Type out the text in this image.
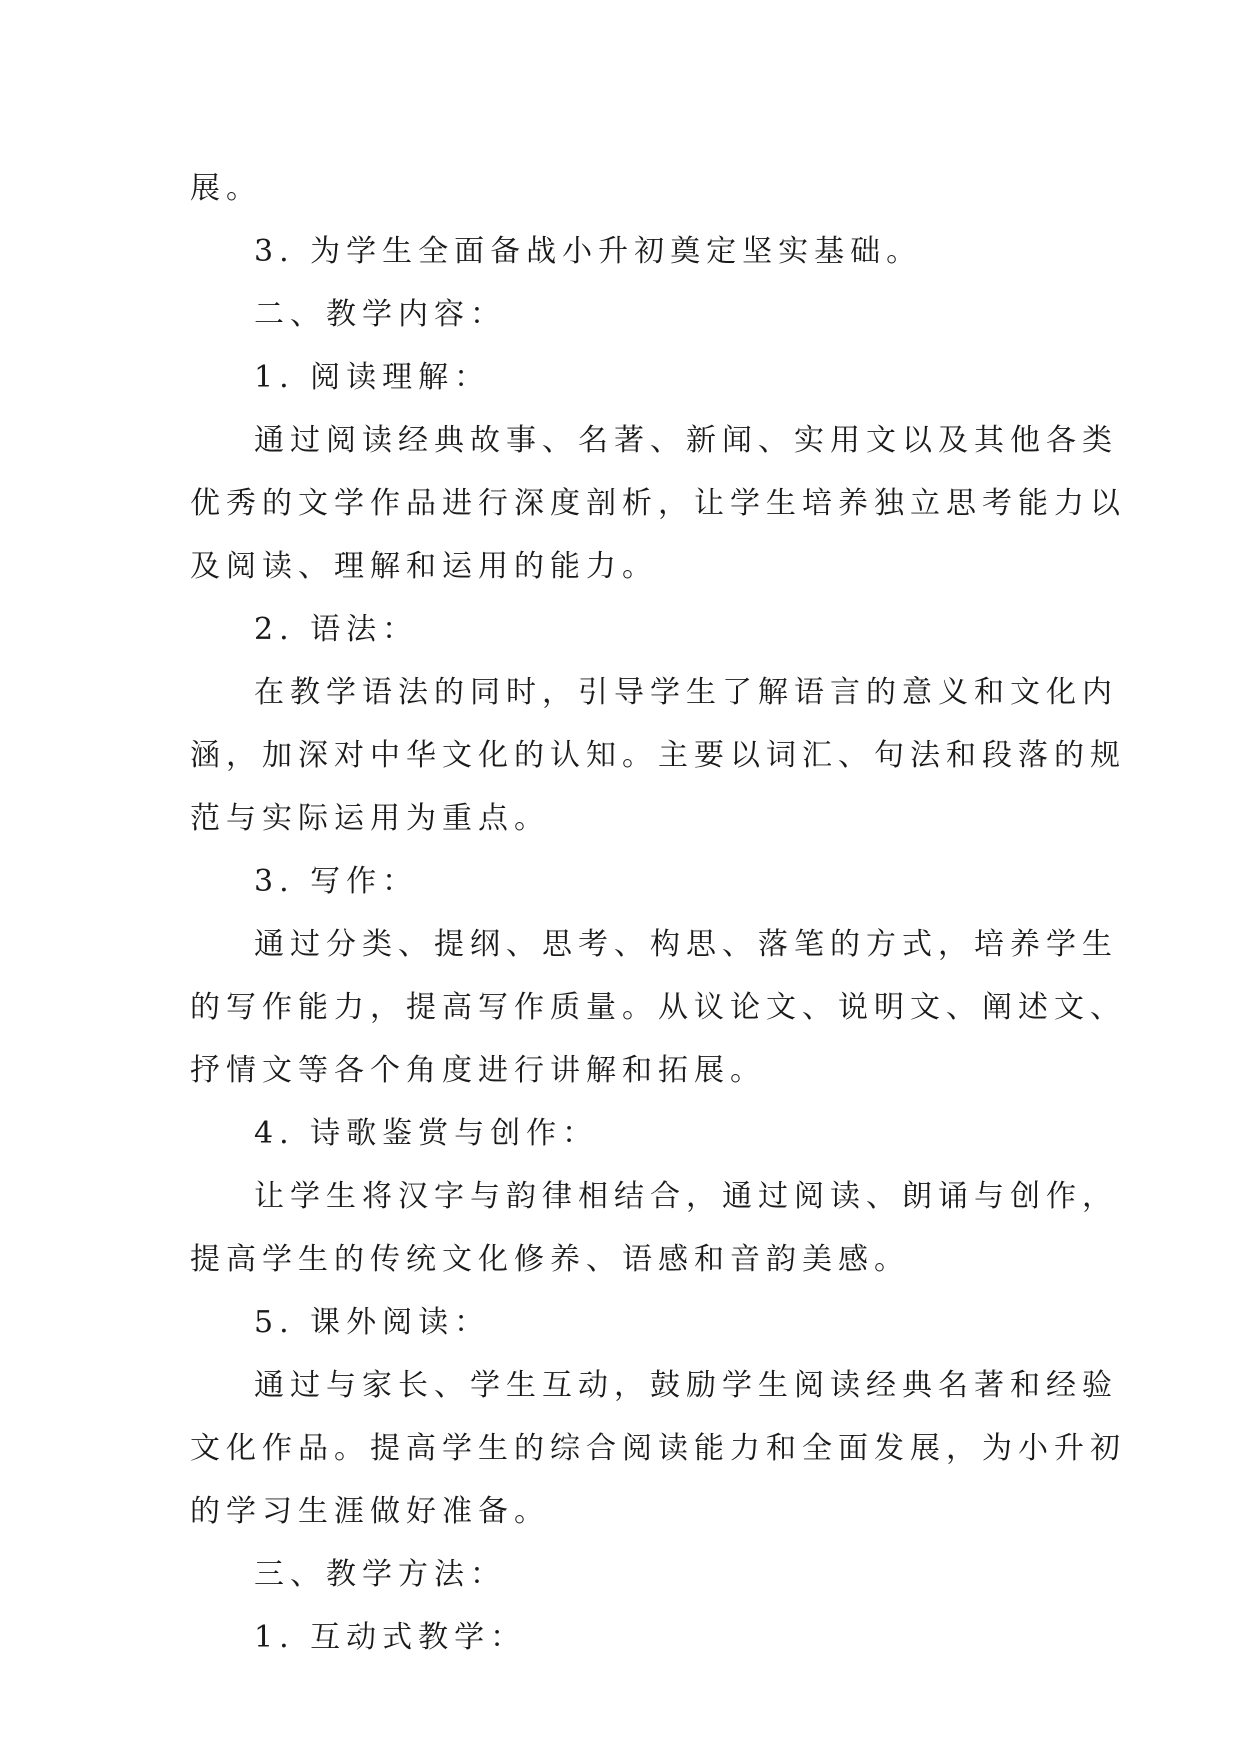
展。
3. 为学生全面备战小升初奠定坚实基础。
二、教学内容：
1. 阅读理解：
通过阅读经典故事、名著、新闻、实用文以及其他各类
优秀的文学作品进行深度剖析，让学生培养独立思考能力以
及阅读、理解和运用的能力。
2. 语法：
在教学语法的同时，引导学生了解语言的意义和文化内
涵，加深对中华文化的认知。主要以词汇、句法和段落的规
范与实际运用为重点。
3. 写作：
通过分类、提纲、思考、构思、落笔的方式，培养学生
的写作能力，提高写作质量。从议论文、说明文、阐述文、
抒情文等各个角度进行讲解和拓展。
4. 诗歌鉴赏与创作：
让学生将汉字与韵律相结合，通过阅读、朗诵与创作，
提高学生的传统文化修养、语感和音韵美感。
5. 课外阅读：
通过与家长、学生互动，鼓励学生阅读经典名著和经验
文化作品。提高学生的综合阅读能力和全面发展，为小升初
的学习生涯做好准备。
三、教学方法：
1. 互动式教学：
